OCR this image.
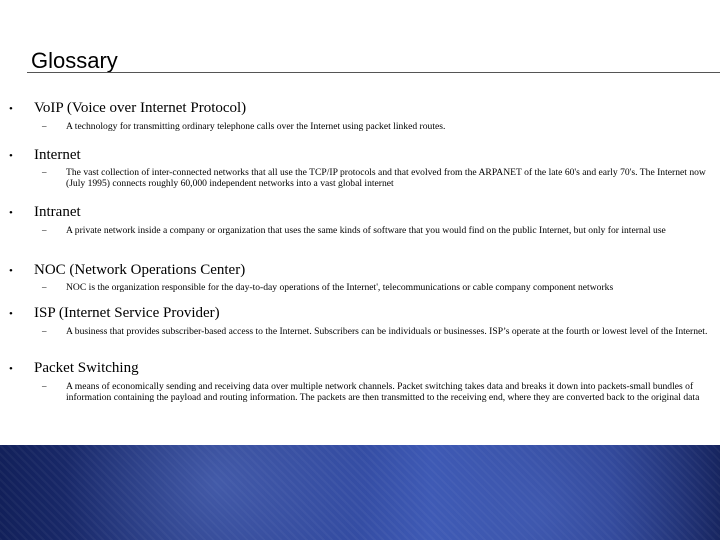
Glossary
• VoIP (Voice over Internet Protocol)
– A technology for transmitting ordinary telephone calls over the Internet using packet linked routes.
• Internet
– The vast collection of inter-connected networks that all use the TCP/IP protocols and that evolved from the ARPANET of the late 60's and early 70's. The Internet now (July 1995) connects roughly 60,000 independent networks into a vast global internet
• Intranet
– A private network inside a company or organization that uses the same kinds of software that you would find on the public Internet, but only for internal use
• NOC (Network Operations Center)
– NOC is the organization responsible for the day-to-day operations of the Internet', telecommunications or cable company component networks
• ISP (Internet Service Provider)
– A business that provides subscriber-based access to the Internet. Subscribers can be individuals or businesses. ISP’s operate at the fourth or lowest level of the Internet.
• Packet Switching
– A means of economically sending and receiving data over multiple network channels. Packet switching takes data and breaks it down into packets-small bundles of information containing the payload and routing information. The packets are then transmitted to the receiving end, where they are converted back to the original data
